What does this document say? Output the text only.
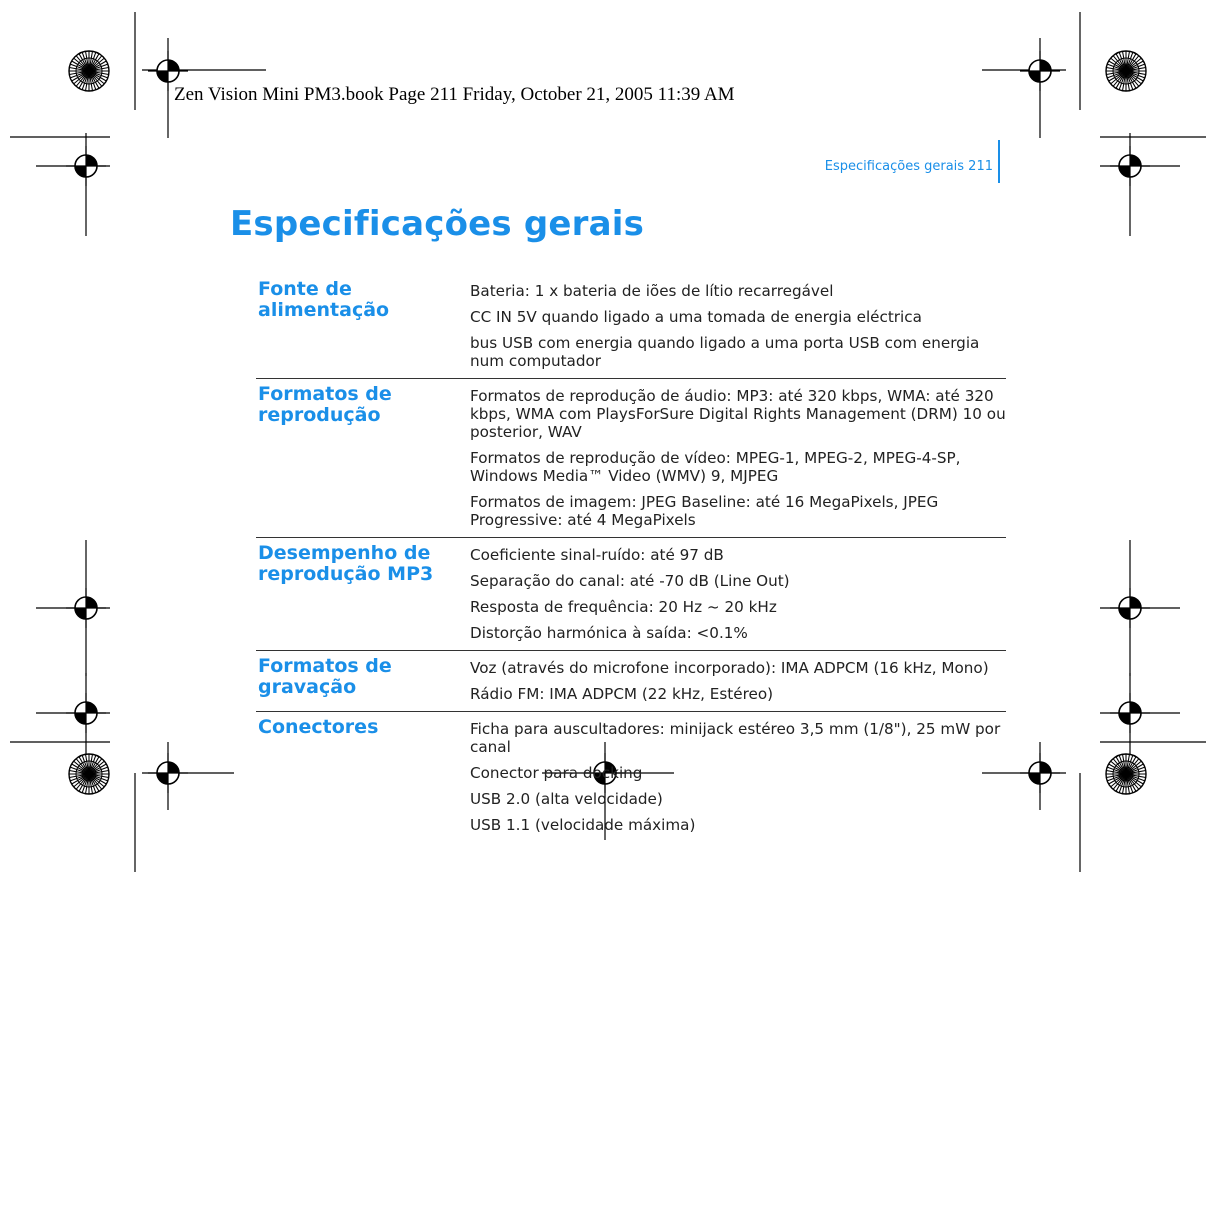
Zen Vision Mini PM3.book Page 211 Friday, October 21, 2005 11:39 AM
Especificações gerais 211
Especificações gerais
Fonte de alimentação
Bateria: 1 x bateria de iões de lítio recarregável
CC IN 5V quando ligado a uma tomada de energia eléctrica
bus USB com energia quando ligado a uma porta USB com energia num computador
Formatos de reprodução
Formatos de reprodução de áudio: MP3: até 320 kbps, WMA: até 320 kbps, WMA com PlaysForSure Digital Rights Management (DRM) 10 ou posterior, WAV
Formatos de reprodução de vídeo: MPEG-1, MPEG-2, MPEG-4-SP, Windows Media™ Video (WMV) 9, MJPEG
Formatos de imagem: JPEG Baseline: até 16 MegaPixels, JPEG Progressive: até 4 MegaPixels
Desempenho de reprodução MP3
Coeficiente sinal-ruído: até 97 dB
Separação do canal: até -70 dB (Line Out)
Resposta de frequência: 20 Hz ~ 20 kHz
Distorção harmónica à saída: <0.1%
Formatos de gravação
Voz (através do microfone incorporado): IMA ADPCM (16 kHz, Mono)
Rádio FM: IMA ADPCM (22 kHz, Estéreo)
Conectores	Ficha para auscultadores: minijack estéreo 3,5 mm (1/8"), 25 mW por canal
Conector para docking
USB 2.0 (alta velocidade)
USB 1.1 (velocidade máxima)
